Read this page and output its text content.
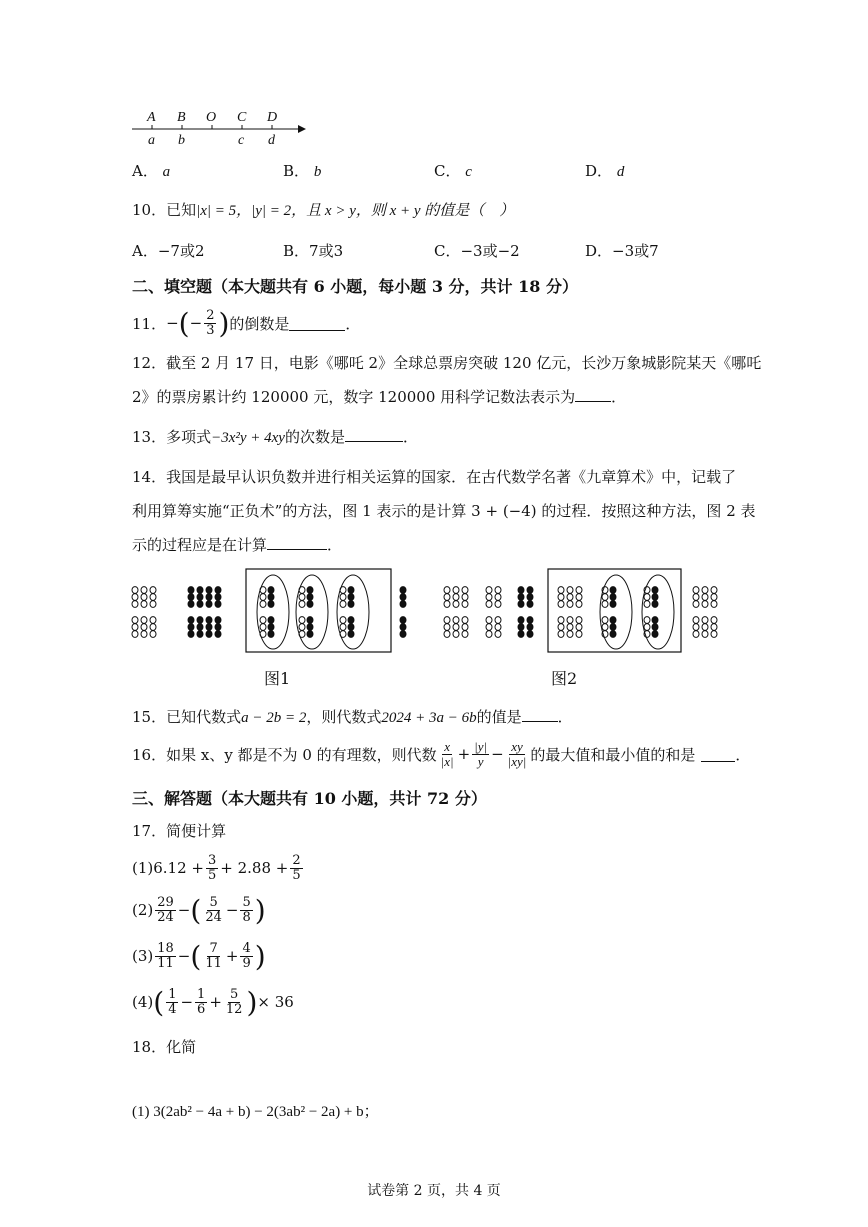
A B O C D
a b	c d
A． a	B． b	C． c	D． d
10．已知|x| = 5，|y| = 2，且 x > y，则 x + y 的值是（　）
A．−7或2	B．7或3	C．−3或−2	D．−3或7
二、填空题（本大题共有 6 小题，每小题 3 分，共计 18 分）
11． − ( − $\frac{2}{3}$ ) 的倒数是	．
12．截至 2 月 17 日，电影《哪吒 2》全球总票房突破 120 亿元，长沙万象城影院某天《哪吒
2》的票房累计约 120000 元，数字 120000 用科学记数法表示为 ．
13．多项式−3x²y + 4xy的次数是	．
14．我国是最早认识负数并进行相关运算的国家．在古代数学名著《九章算术》中，记载了
利用算筹实施“正负术”的方法，图 1 表示的是计算 3 + (−4) 的过程．按照这种方法，图 2 表
示的过程应是在计算	．
图1	图2
15．已知代数式a − 2b = 2，则代数式2024 + 3a − 6b的值是 ．
16．如果 x、y 都是不为 0 的有理数，则代数 $\frac{x}{|x|} + \frac{|y|}{y} - \frac{xy}{|xy|}$ 的最大值和最小值的和是	．
三、解答题（本大题共有 10 小题，共计 72 分）
17．简便计算
(1) $6.12 + \frac{3}{5} + 2.88 + \frac{2}{5}$
$(2) \frac{29}{24}$ − ( $\frac{5}{24} - \frac{5}{8}$ )
$(3) \frac{18}{11}$ − ( $\frac{7}{11} + \frac{4}{9}$ )
(4) ( $\frac{1}{4} - \frac{1}{6} + \frac{5}{12}$ ) × 36
18．化简
(1) 3(2ab² − 4a + b) − 2(3ab² − 2a) + b；
试卷第 2 页，共 4 页
